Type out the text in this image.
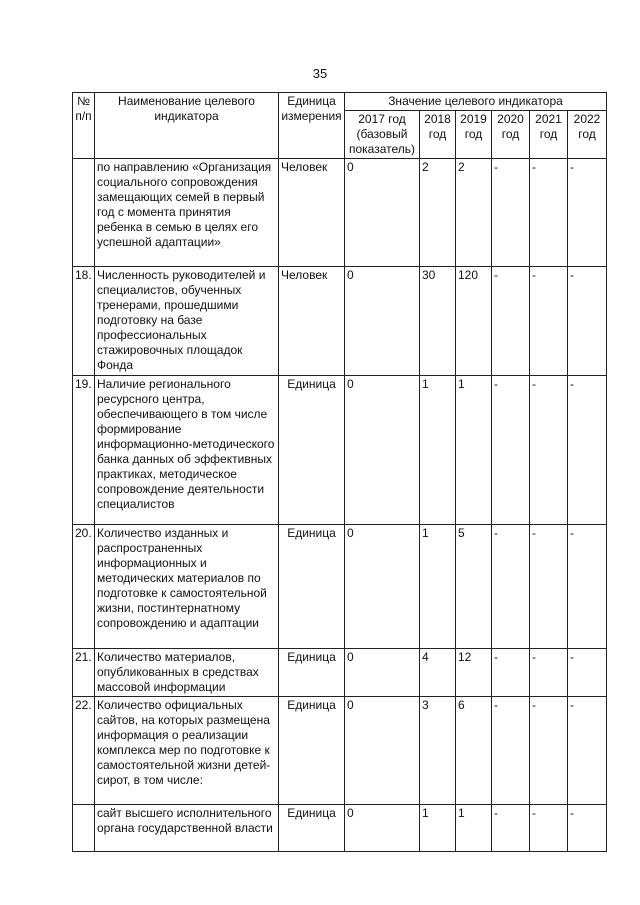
35
№ п/п	Наименование целевого индикатора	Единица измерения	Значение целевого индикатора					
			2017 год (базовый показатель)	2018 год	2019 год	2020 год	2021 год	2022 год
	по направлению «Организация социального сопровождения замещающих семей в первый год с момента принятия ребенка в семью в целях его успешной адаптации»	Человек	0	2	2	-	-	-
18.	Численность руководителей и специалистов, обученных тренерами, прошедшими подготовку на базе профессиональных стажировочных площадок Фонда	Человек	0	30	120	-	-	-
19.	Наличие регионального ресурсного центра, обеспечивающего в том числе формирование информационно-методического банка данных об эффективных практиках, методическое сопровождение деятельности специалистов	Единица	0	1	1	-	-	-
20.	Количество изданных и распространенных информационных и методических материалов по подготовке к самостоятельной жизни, постинтернатному сопровождению и адаптации	Единица	0	1	5	-	-	-
21.	Количество материалов, опубликованных в средствах массовой информации	Единица	0	4	12	-	-	-
22.	Количество официальных сайтов, на которых размещена информация о реализации комплекса мер по подготовке к самостоятельной жизни детей-сирот, в том числе:	Единица	0	3	6	-	-	-
	сайт высшего исполнительного органа государственной власти	Единица	0	1	1	-	-	-
